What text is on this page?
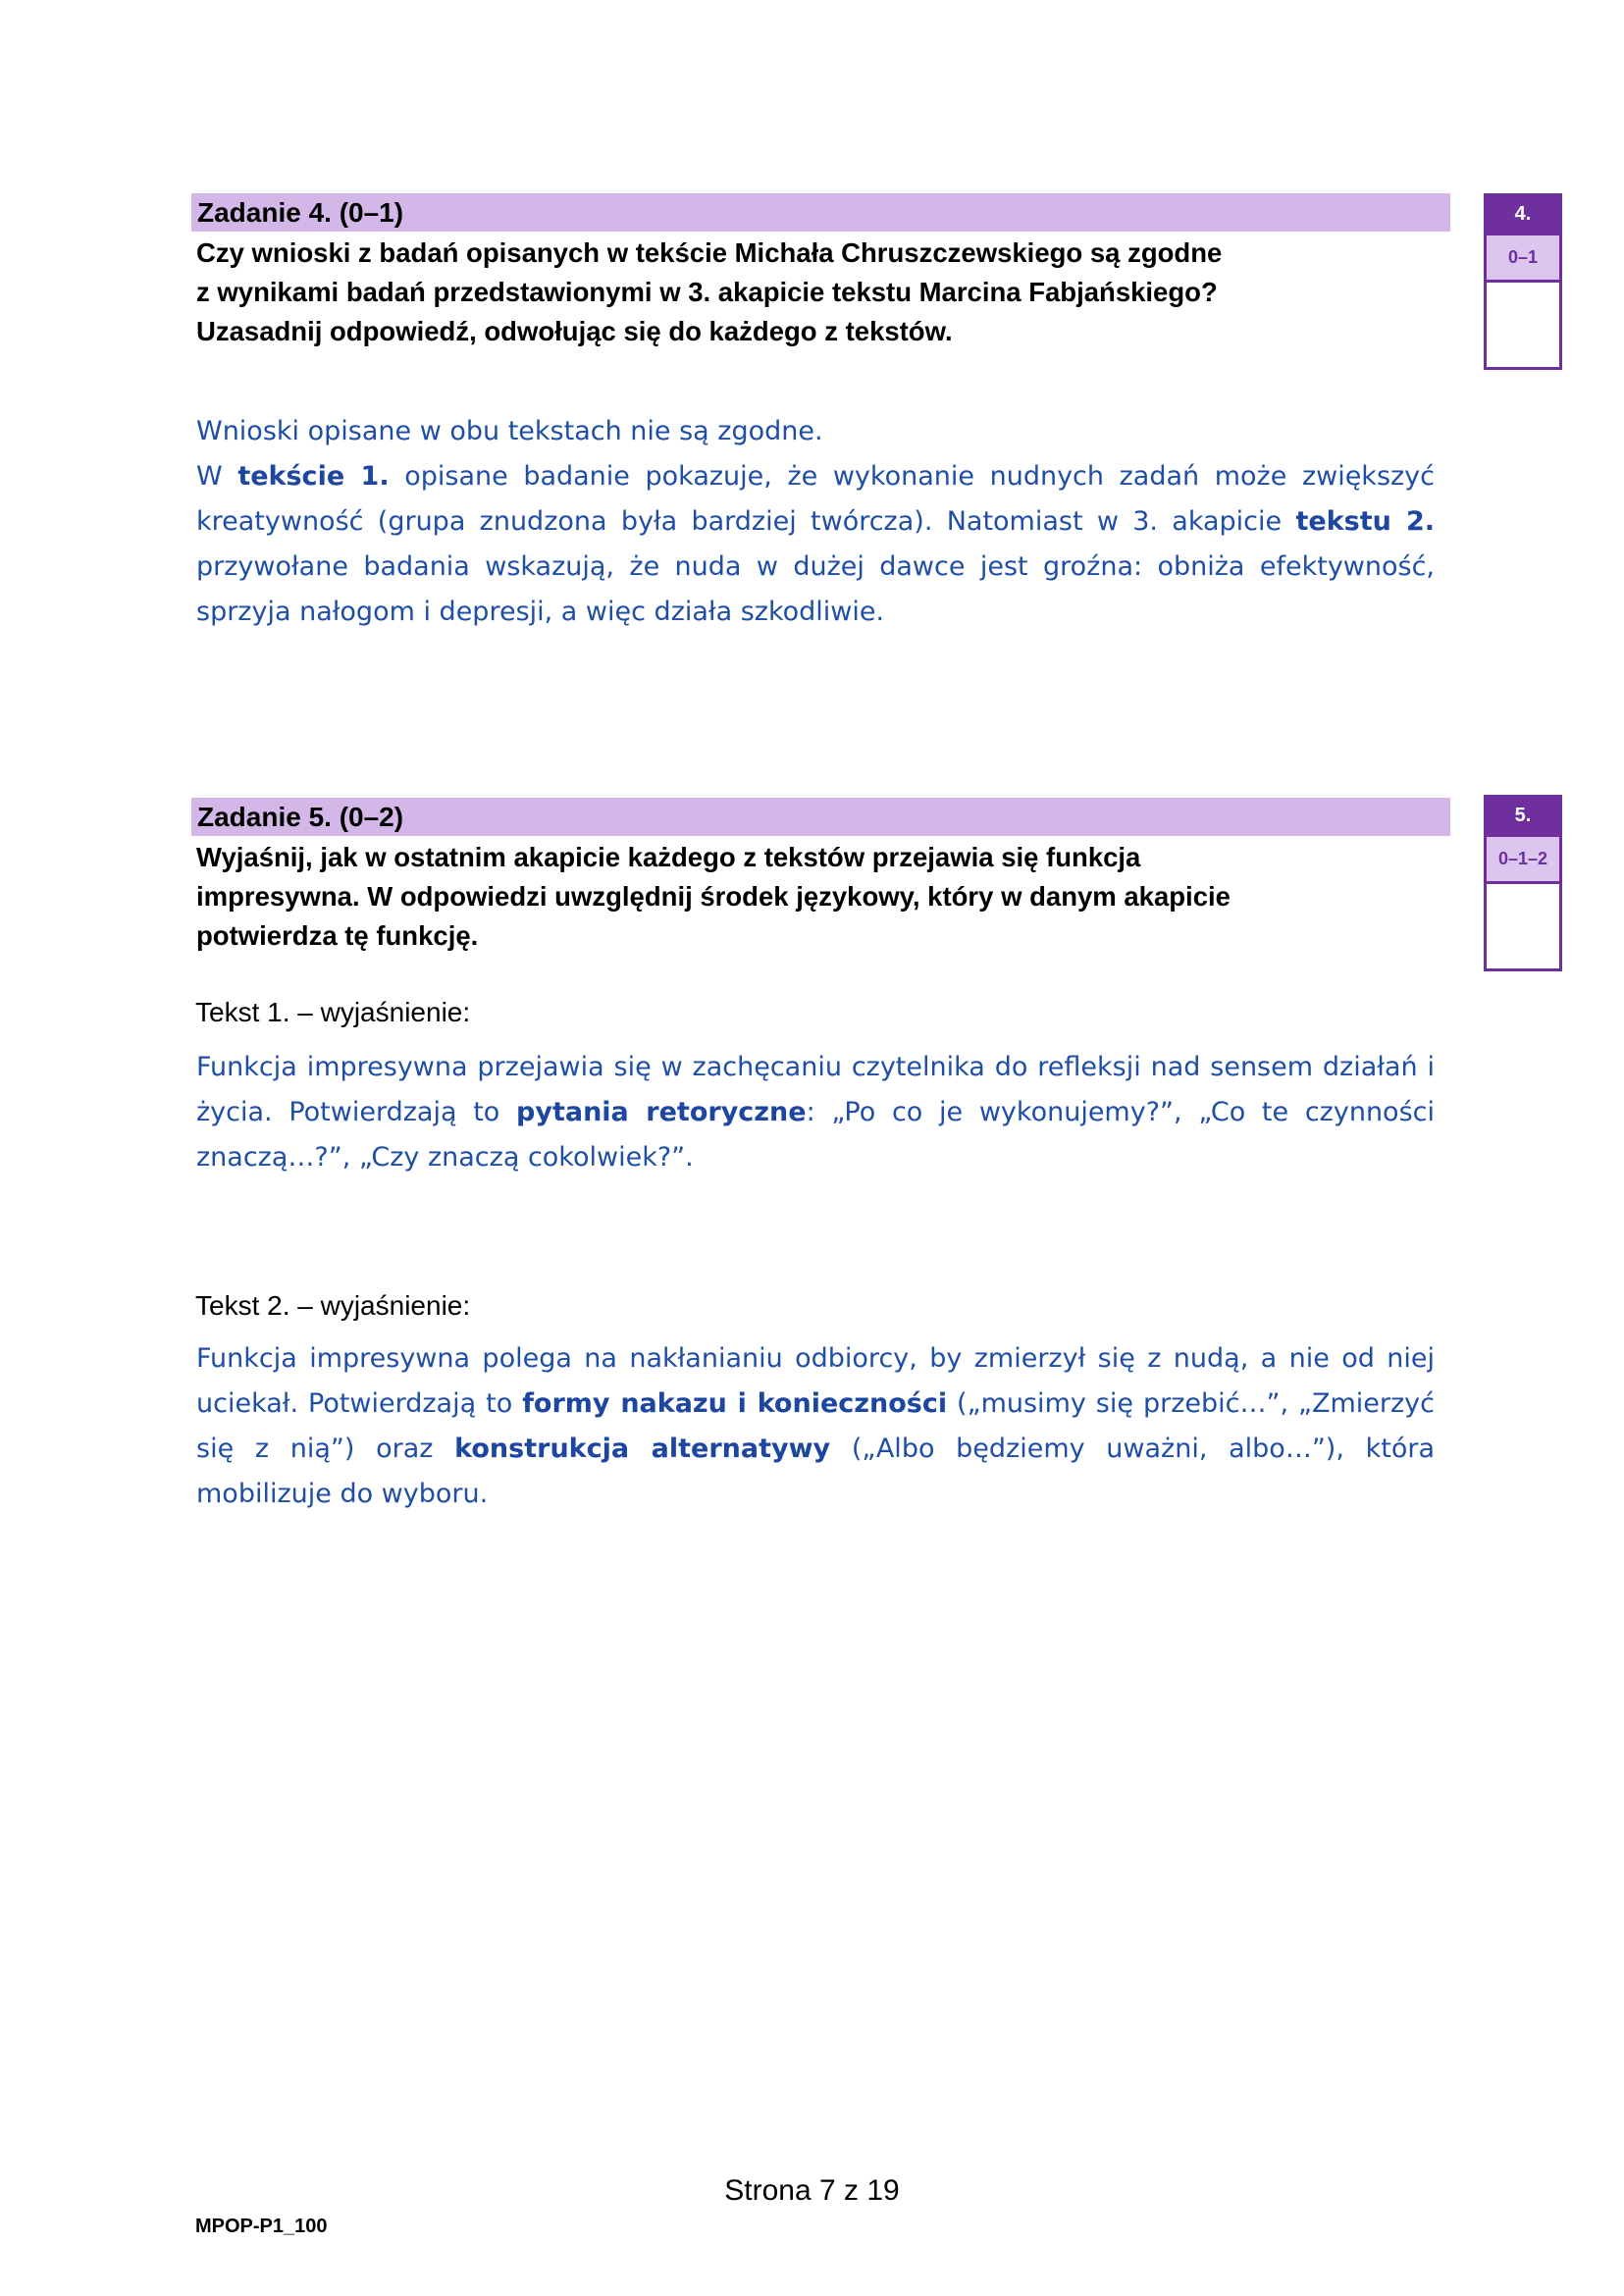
Zadanie 4. (0–1)
Czy wnioski z badań opisanych w tekście Michała Chruszczewskiego są zgodne
z wynikami badań przedstawionymi w 3. akapicie tekstu Marcina Fabjańskiego?
Uzasadnij odpowiedź, odwołując się do każdego z tekstów.
4.
0–1
Wnioski opisane w obu tekstach nie są zgodne.
W tekście 1. opisane badanie pokazuje, że wykonanie nudnych zadań może zwiększyć kreatywność (grupa znudzona była bardziej twórcza). Natomiast w 3. akapicie tekstu 2. przywołane badania wskazują, że nuda w dużej dawce jest groźna: obniża efektywność, sprzyja nałogom i depresji, a więc działa szkodliwie.
Zadanie 5. (0–2)
Wyjaśnij, jak w ostatnim akapicie każdego z tekstów przejawia się funkcja
impresywna. W odpowiedzi uwzględnij środek językowy, który w danym akapicie
potwierdza tę funkcję.
5.
0–1–2
Tekst 1. – wyjaśnienie:
Funkcja impresywna przejawia się w zachęcaniu czytelnika do refleksji nad sensem działań i życia. Potwierdzają to pytania retoryczne: „Po co je wykonujemy?”, „Co te czynności znaczą…?”, „Czy znaczą cokolwiek?”.
Tekst 2. – wyjaśnienie:
Funkcja impresywna polega na nakłanianiu odbiorcy, by zmierzył się z nudą, a nie od niej uciekał. Potwierdzają to formy nakazu i konieczności („musimy się przebić…”, „Zmierzyć się z nią”) oraz konstrukcja alternatywy („Albo będziemy uważni, albo…”), która mobilizuje do wyboru.
Strona 7 z 19
MPOP-P1_100
